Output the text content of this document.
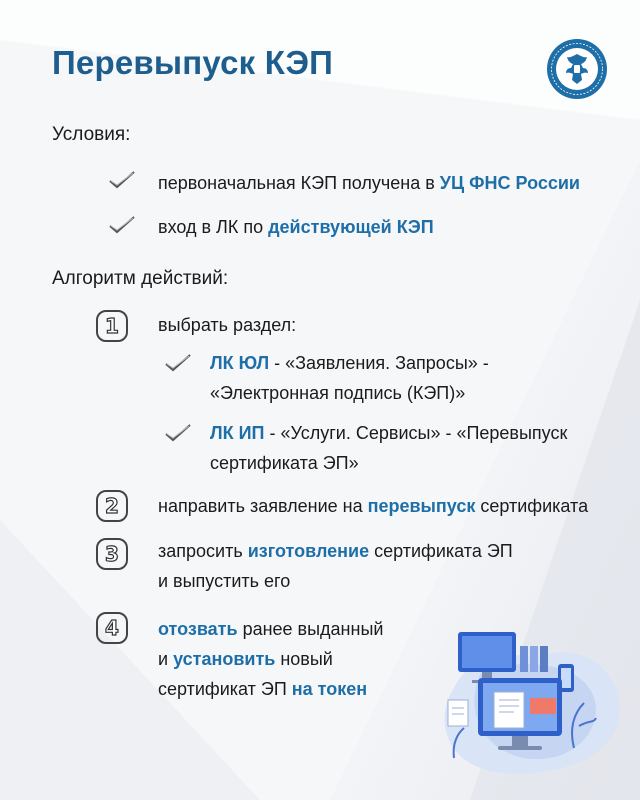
Перевыпуск КЭП
Условия:
первоначальная КЭП получена в УЦ ФНС России
вход в ЛК по действующей КЭП
Алгоритм действий:
1	выбрать раздел:
ЛК ЮЛ - «Заявления. Запросы» -
«Электронная подпись (КЭП)»
ЛК ИП - «Услуги. Сервисы» - «Перевыпуск
сертификата ЭП»
2	направить заявление на перевыпуск сертификата
3	запросить изготовление сертификата ЭП
и выпустить его
4	отозвать ранее выданный
и установить новый
сертификат ЭП на токен
